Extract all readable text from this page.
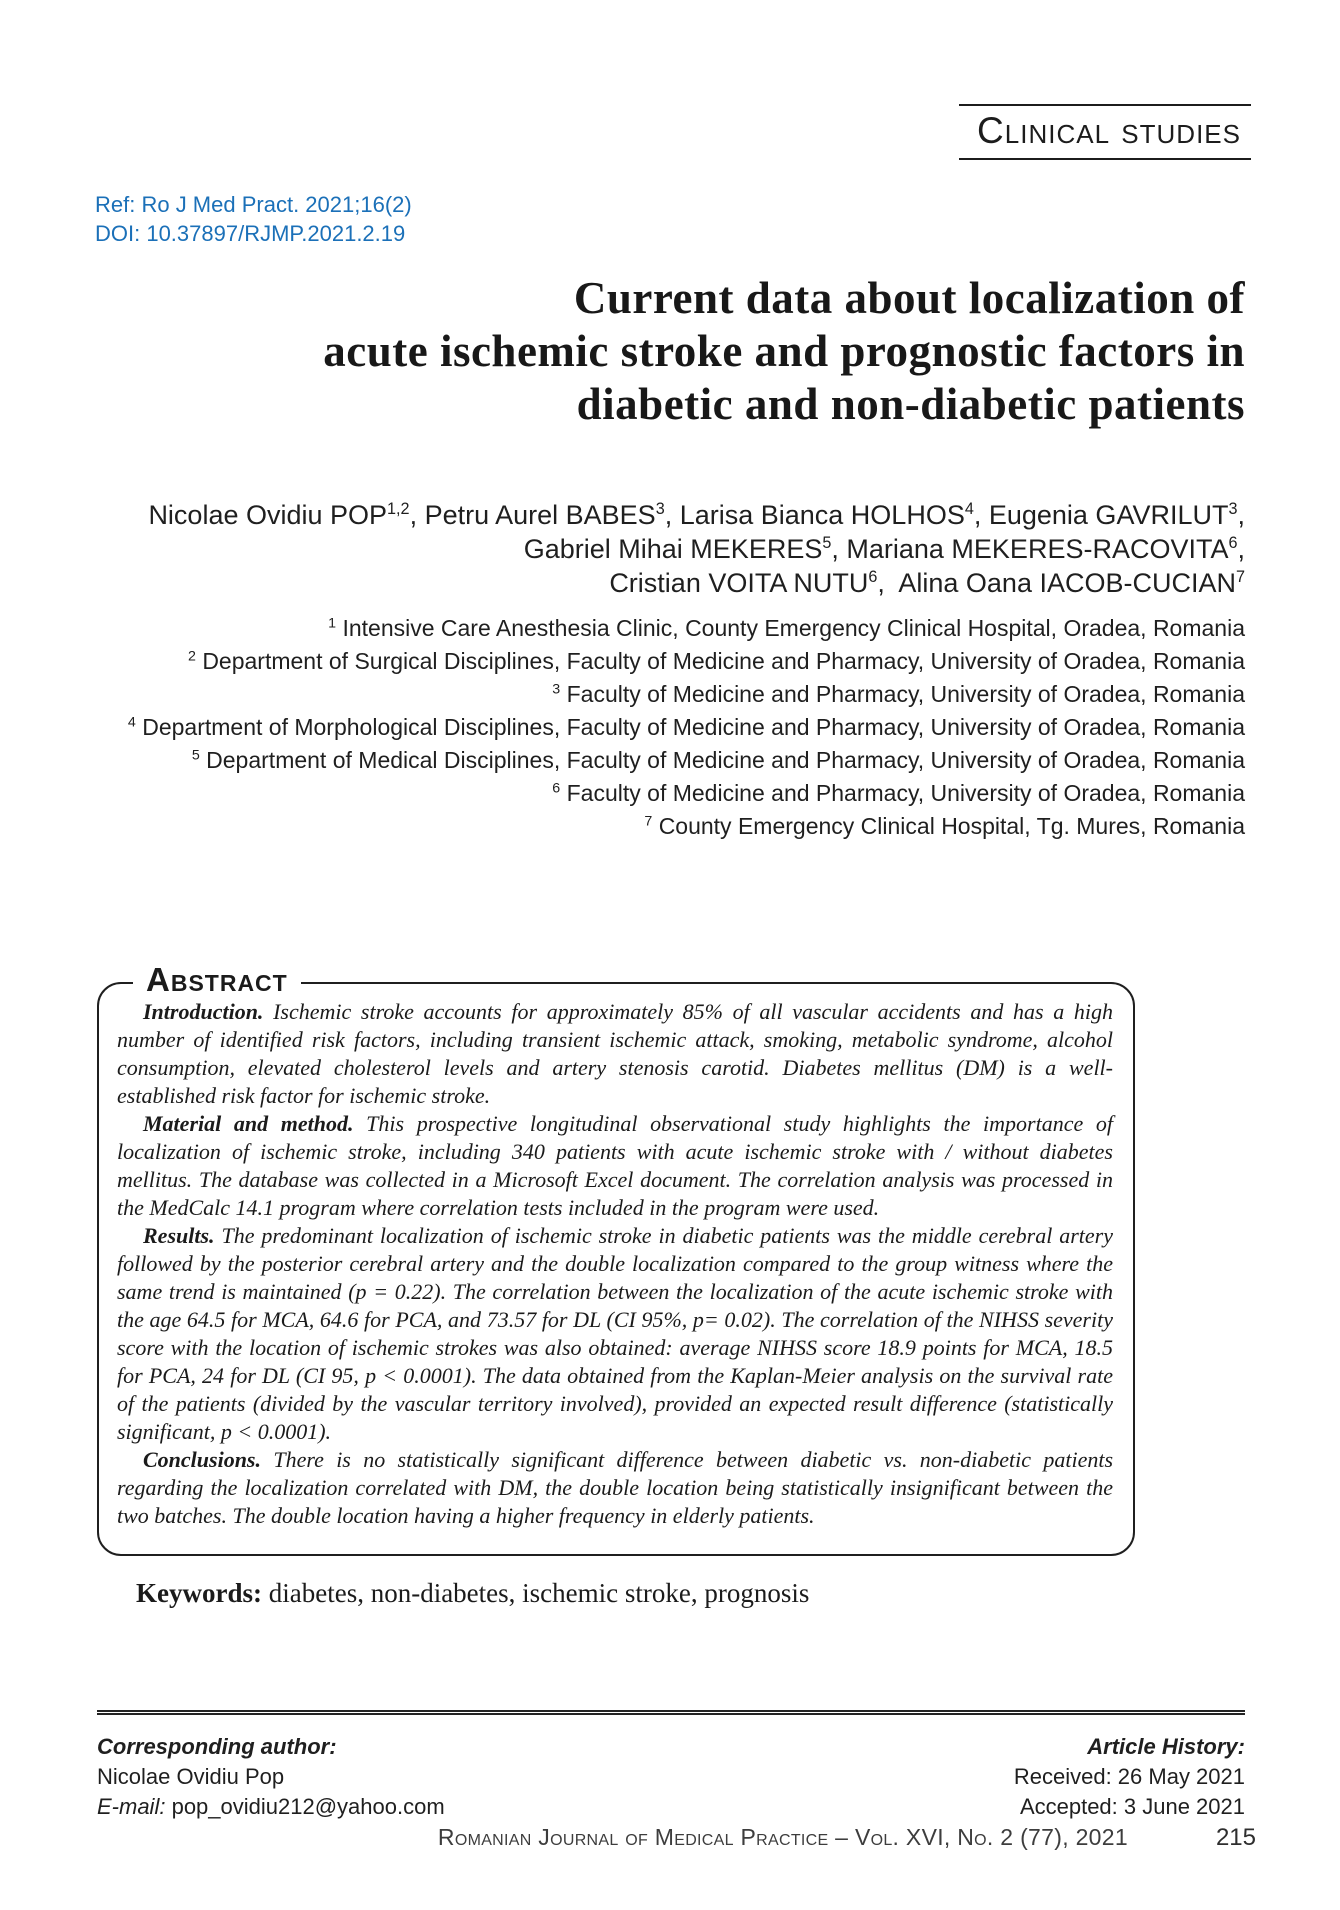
Clinical studies
Ref: Ro J Med Pract. 2021;16(2)
DOI: 10.37897/RJMP.2021.2.19
Current data about localization of
acute ischemic stroke and prognostic factors in
diabetic and non-diabetic patients
Nicolae Ovidiu POP$^{1,2}$, Petru Aurel BABES$^3$, Larisa Bianca HOLHOS$^4$, Eugenia GAVRILUT$^3$,
Gabriel Mihai MEKERES$^5$, Mariana MEKERES-RACOVITA$^6$,
Cristian VOITA NUTU$^6$,  Alina Oana IACOB-CUCIAN$^7$
$^1$ Intensive Care Anesthesia Clinic, County Emergency Clinical Hospital, Oradea, Romania
$^2$ Department of Surgical Disciplines, Faculty of Medicine and Pharmacy, University of Oradea, Romania
$^3$ Faculty of Medicine and Pharmacy, University of Oradea, Romania
$^4$ Department of Morphological Disciplines, Faculty of Medicine and Pharmacy, University of Oradea, Romania
$^5$ Department of Medical Disciplines, Faculty of Medicine and Pharmacy, University of Oradea, Romania
$^6$ Faculty of Medicine and Pharmacy, University of Oradea, Romania
$^7$ County Emergency Clinical Hospital, Tg. Mures, Romania
Abstract

Introduction. Ischemic stroke accounts for approximately 85% of all vascular accidents and has a high number of identified risk factors, including transient ischemic attack, smoking, metabolic syndrome, alcohol consumption, elevated cholesterol levels and artery stenosis carotid. Diabetes mellitus (DM) is a well-established risk factor for ischemic stroke.

Material and method. This prospective longitudinal observational study highlights the importance of localization of ischemic stroke, including 340 patients with acute ischemic stroke with / without diabetes mellitus. The database was collected in a Microsoft Excel document. The correlation analysis was processed in the MedCalc 14.1 program where correlation tests included in the program were used.

Results. The predominant localization of ischemic stroke in diabetic patients was the middle cerebral artery followed by the posterior cerebral artery and the double localization compared to the group witness where the same trend is maintained (p = 0.22). The correlation between the localization of the acute ischemic stroke with the age 64.5 for MCA, 64.6 for PCA, and 73.57 for DL (CI 95%, p= 0.02). The correlation of the NIHSS severity score with the location of ischemic strokes was also obtained: average NIHSS score 18.9 points for MCA, 18.5 for PCA, 24 for DL (CI 95, p < 0.0001). The data obtained from the Kaplan-Meier analysis on the survival rate of the patients (divided by the vascular territory involved), provided an expected result difference (statistically significant, p < 0.0001).

Conclusions. There is no statistically significant difference between diabetic vs. non-diabetic patients regarding the localization correlated with DM, the double location being statistically insignificant between the two batches. The double location having a higher frequency in elderly patients.

Keywords: diabetes, non-diabetes, ischemic stroke, prognosis
Corresponding author:
Nicolae Ovidiu Pop
E-mail: pop_ovidiu212@yahoo.com
Article History:
Received: 26 May 2021
Accepted: 3 June 2021
Romanian Journal of Medical Practice – Vol. XVI, No. 2 (77), 2021	215
